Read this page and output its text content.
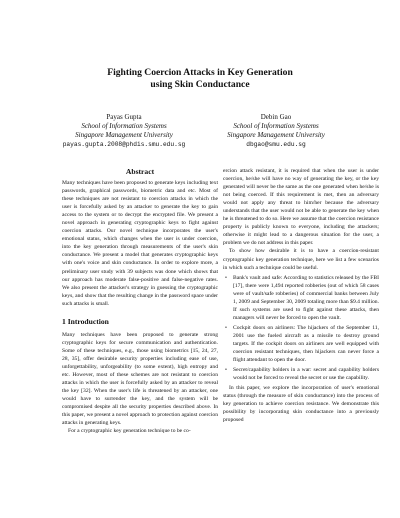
Fighting Coercion Attacks in Key Generation
using Skin Conductance
Payas Gupta
School of Information Systems
Singapore Management University
payas.gupta.2008@phdis.smu.edu.sg
Debin Gao
School of Information Systems
Singapore Management University
dbgao@smu.edu.sg
Abstract

Many techniques have been proposed to generate keys including text passwords, graphical passwords, biometric data and etc. Most of these techniques are not resistant to coercion attacks in which the user is forcefully asked by an attacker to generate the key to gain access to the system or to decrypt the encrypted file. We present a novel approach in generating cryptographic keys to fight against coercion attacks. Our novel technique incorporates the user's emotional status, which changes when the user is under coercion, into the key generation through measurements of the user's skin conductance. We present a model that generates cryptographic keys with one's voice and skin conductance. In order to explore more, a preliminary user study with 39 subjects was done which shows that our approach has moderate false-positive and false-negative rates. We also present the attacker's strategy in guessing the cryptographic keys, and show that the resulting change in the password space under such attacks is small.

1 Introduction

Many techniques have been proposed to generate strong cryptographic keys for secure communication and authentication. Some of these techniques, e.g., those using biometrics [15, 24, 27, 28, 35], offer desirable security properties including ease of use, unforgettability, unforgeability (to some extent), high entropy and etc. However, most of these schemes are not resistant to coercion attacks in which the user is forcefully asked by an attacker to reveal the key [32]. When the user's life is threatened by an attacker, one would have to surrender the key, and the system will be compromised despite all the security properties described above. In this paper, we present a novel approach to protection against coercion attacks in generating keys.

For a cryptographic key generation technique to be co-

ercion attack resistant, it is required that when the user is under coercion, he/she will have no way of generating the key, or the key generated will never be the same as the one generated when he/she is not being coerced. If this requirement is met, then an adversary would not apply any threat to him/her because the adversary understands that the user would not be able to generate the key when he is threatened to do so. Here we assume that the coercion resistance property is publicly known to everyone, including the attackers; otherwise it might lead to a dangerous situation for the user, a problem we do not address in this paper.

To show how desirable it is to have a coercion-resistant cryptographic key generation technique, here we list a few scenarios in which such a technique could be useful.

• Bank's vault and safe: According to statistics released by the FBI [17], there were 1,494 reported robberies (out of which 58 cases were of vault/safe robberies) of commercial banks between July 1, 2009 and September 30, 2009 totaling more than $9.4 million. If such systems are used to fight against these attacks, then managers will never be forced to open the vault.
• Cockpit doors on airliners: The hijackers of the September 11, 2001 use the fueled aircraft as a missile to destroy ground targets. If the cockpit doors on airliners are well equipped with coercion resistant techniques, then hijackers can never force a flight attendant to open the door.
• Secret/capability holders in a war: secret and capability holders would not be forced to reveal the secret or use the capability.

In this paper, we explore the incorporation of user's emotional status (through the measure of skin conductance) into the process of key generation to achieve coercion resistance. We demonstrate this possibility by incorporating skin conductance into a previously proposed
